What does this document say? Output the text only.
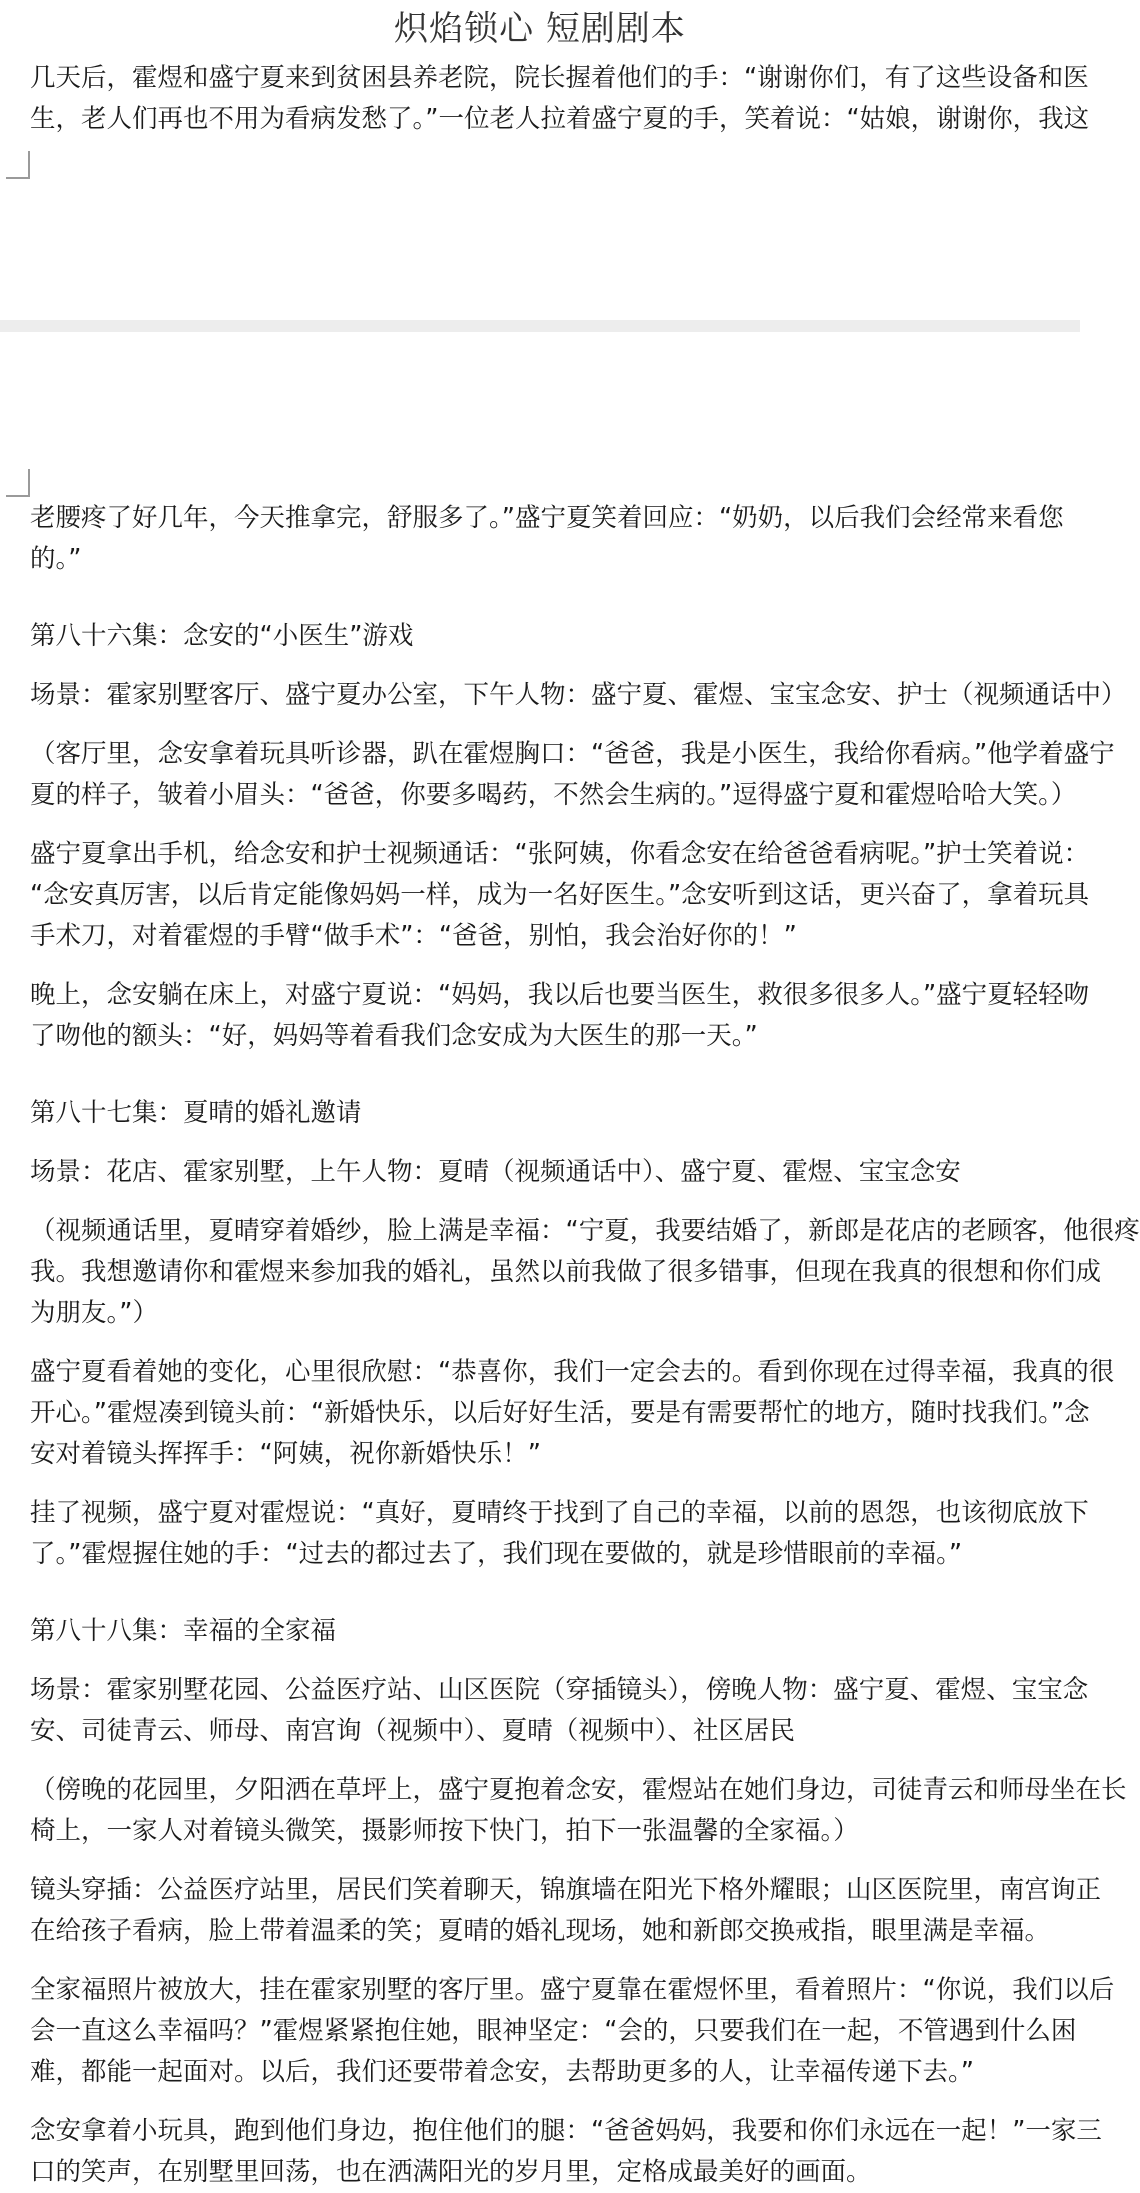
炽焰锁心 短剧剧本
几天后，霍煜和盛宁夏来到贫困县养老院，院长握着他们的手：“谢谢你们，有了这些设备和医
生，老人们再也不用为看病发愁了。”一位老人拉着盛宁夏的手，笑着说：“姑娘，谢谢你，我这
老腰疼了好几年，今天推拿完，舒服多了。”盛宁夏笑着回应：“奶奶，以后我们会经常来看您
的。”
第八十六集：念安的“小医生”游戏
场景：霍家别墅客厅、盛宁夏办公室，下午人物：盛宁夏、霍煜、宝宝念安、护士（视频通话中）
（客厅里，念安拿着玩具听诊器，趴在霍煜胸口：“爸爸，我是小医生，我给你看病。”他学着盛宁
夏的样子，皱着小眉头：“爸爸，你要多喝药，不然会生病的。”逗得盛宁夏和霍煜哈哈大笑。）
盛宁夏拿出手机，给念安和护士视频通话：“张阿姨，你看念安在给爸爸看病呢。”护士笑着说：
“念安真厉害，以后肯定能像妈妈一样，成为一名好医生。”念安听到这话，更兴奋了，拿着玩具
手术刀，对着霍煜的手臂“做手术”：“爸爸，别怕，我会治好你的！”
晚上，念安躺在床上，对盛宁夏说：“妈妈，我以后也要当医生，救很多很多人。”盛宁夏轻轻吻
了吻他的额头：“好，妈妈等着看我们念安成为大医生的那一天。”
第八十七集：夏晴的婚礼邀请
场景：花店、霍家别墅，上午人物：夏晴（视频通话中）、盛宁夏、霍煜、宝宝念安
（视频通话里，夏晴穿着婚纱，脸上满是幸福：“宁夏，我要结婚了，新郎是花店的老顾客，他很疼
我。我想邀请你和霍煜来参加我的婚礼，虽然以前我做了很多错事，但现在我真的很想和你们成
为朋友。”）
盛宁夏看着她的变化，心里很欣慰：“恭喜你，我们一定会去的。看到你现在过得幸福，我真的很
开心。”霍煜凑到镜头前：“新婚快乐，以后好好生活，要是有需要帮忙的地方，随时找我们。”念
安对着镜头挥挥手：“阿姨，祝你新婚快乐！”
挂了视频，盛宁夏对霍煜说：“真好，夏晴终于找到了自己的幸福，以前的恩怨，也该彻底放下
了。”霍煜握住她的手：“过去的都过去了，我们现在要做的，就是珍惜眼前的幸福。”
第八十八集：幸福的全家福
场景：霍家别墅花园、公益医疗站、山区医院（穿插镜头），傍晚人物：盛宁夏、霍煜、宝宝念
安、司徒青云、师母、南宫询（视频中）、夏晴（视频中）、社区居民
（傍晚的花园里，夕阳洒在草坪上，盛宁夏抱着念安，霍煜站在她们身边，司徒青云和师母坐在长
椅上，一家人对着镜头微笑，摄影师按下快门，拍下一张温馨的全家福。）
镜头穿插：公益医疗站里，居民们笑着聊天，锦旗墙在阳光下格外耀眼；山区医院里，南宫询正
在给孩子看病，脸上带着温柔的笑；夏晴的婚礼现场，她和新郎交换戒指，眼里满是幸福。
全家福照片被放大，挂在霍家别墅的客厅里。盛宁夏靠在霍煜怀里，看着照片：“你说，我们以后
会一直这么幸福吗？”霍煜紧紧抱住她，眼神坚定：“会的，只要我们在一起，不管遇到什么困
难，都能一起面对。以后，我们还要带着念安，去帮助更多的人，让幸福传递下去。”
念安拿着小玩具，跑到他们身边，抱住他们的腿：“爸爸妈妈，我要和你们永远在一起！”一家三
口的笑声，在别墅里回荡，也在洒满阳光的岁月里，定格成最美好的画面。
